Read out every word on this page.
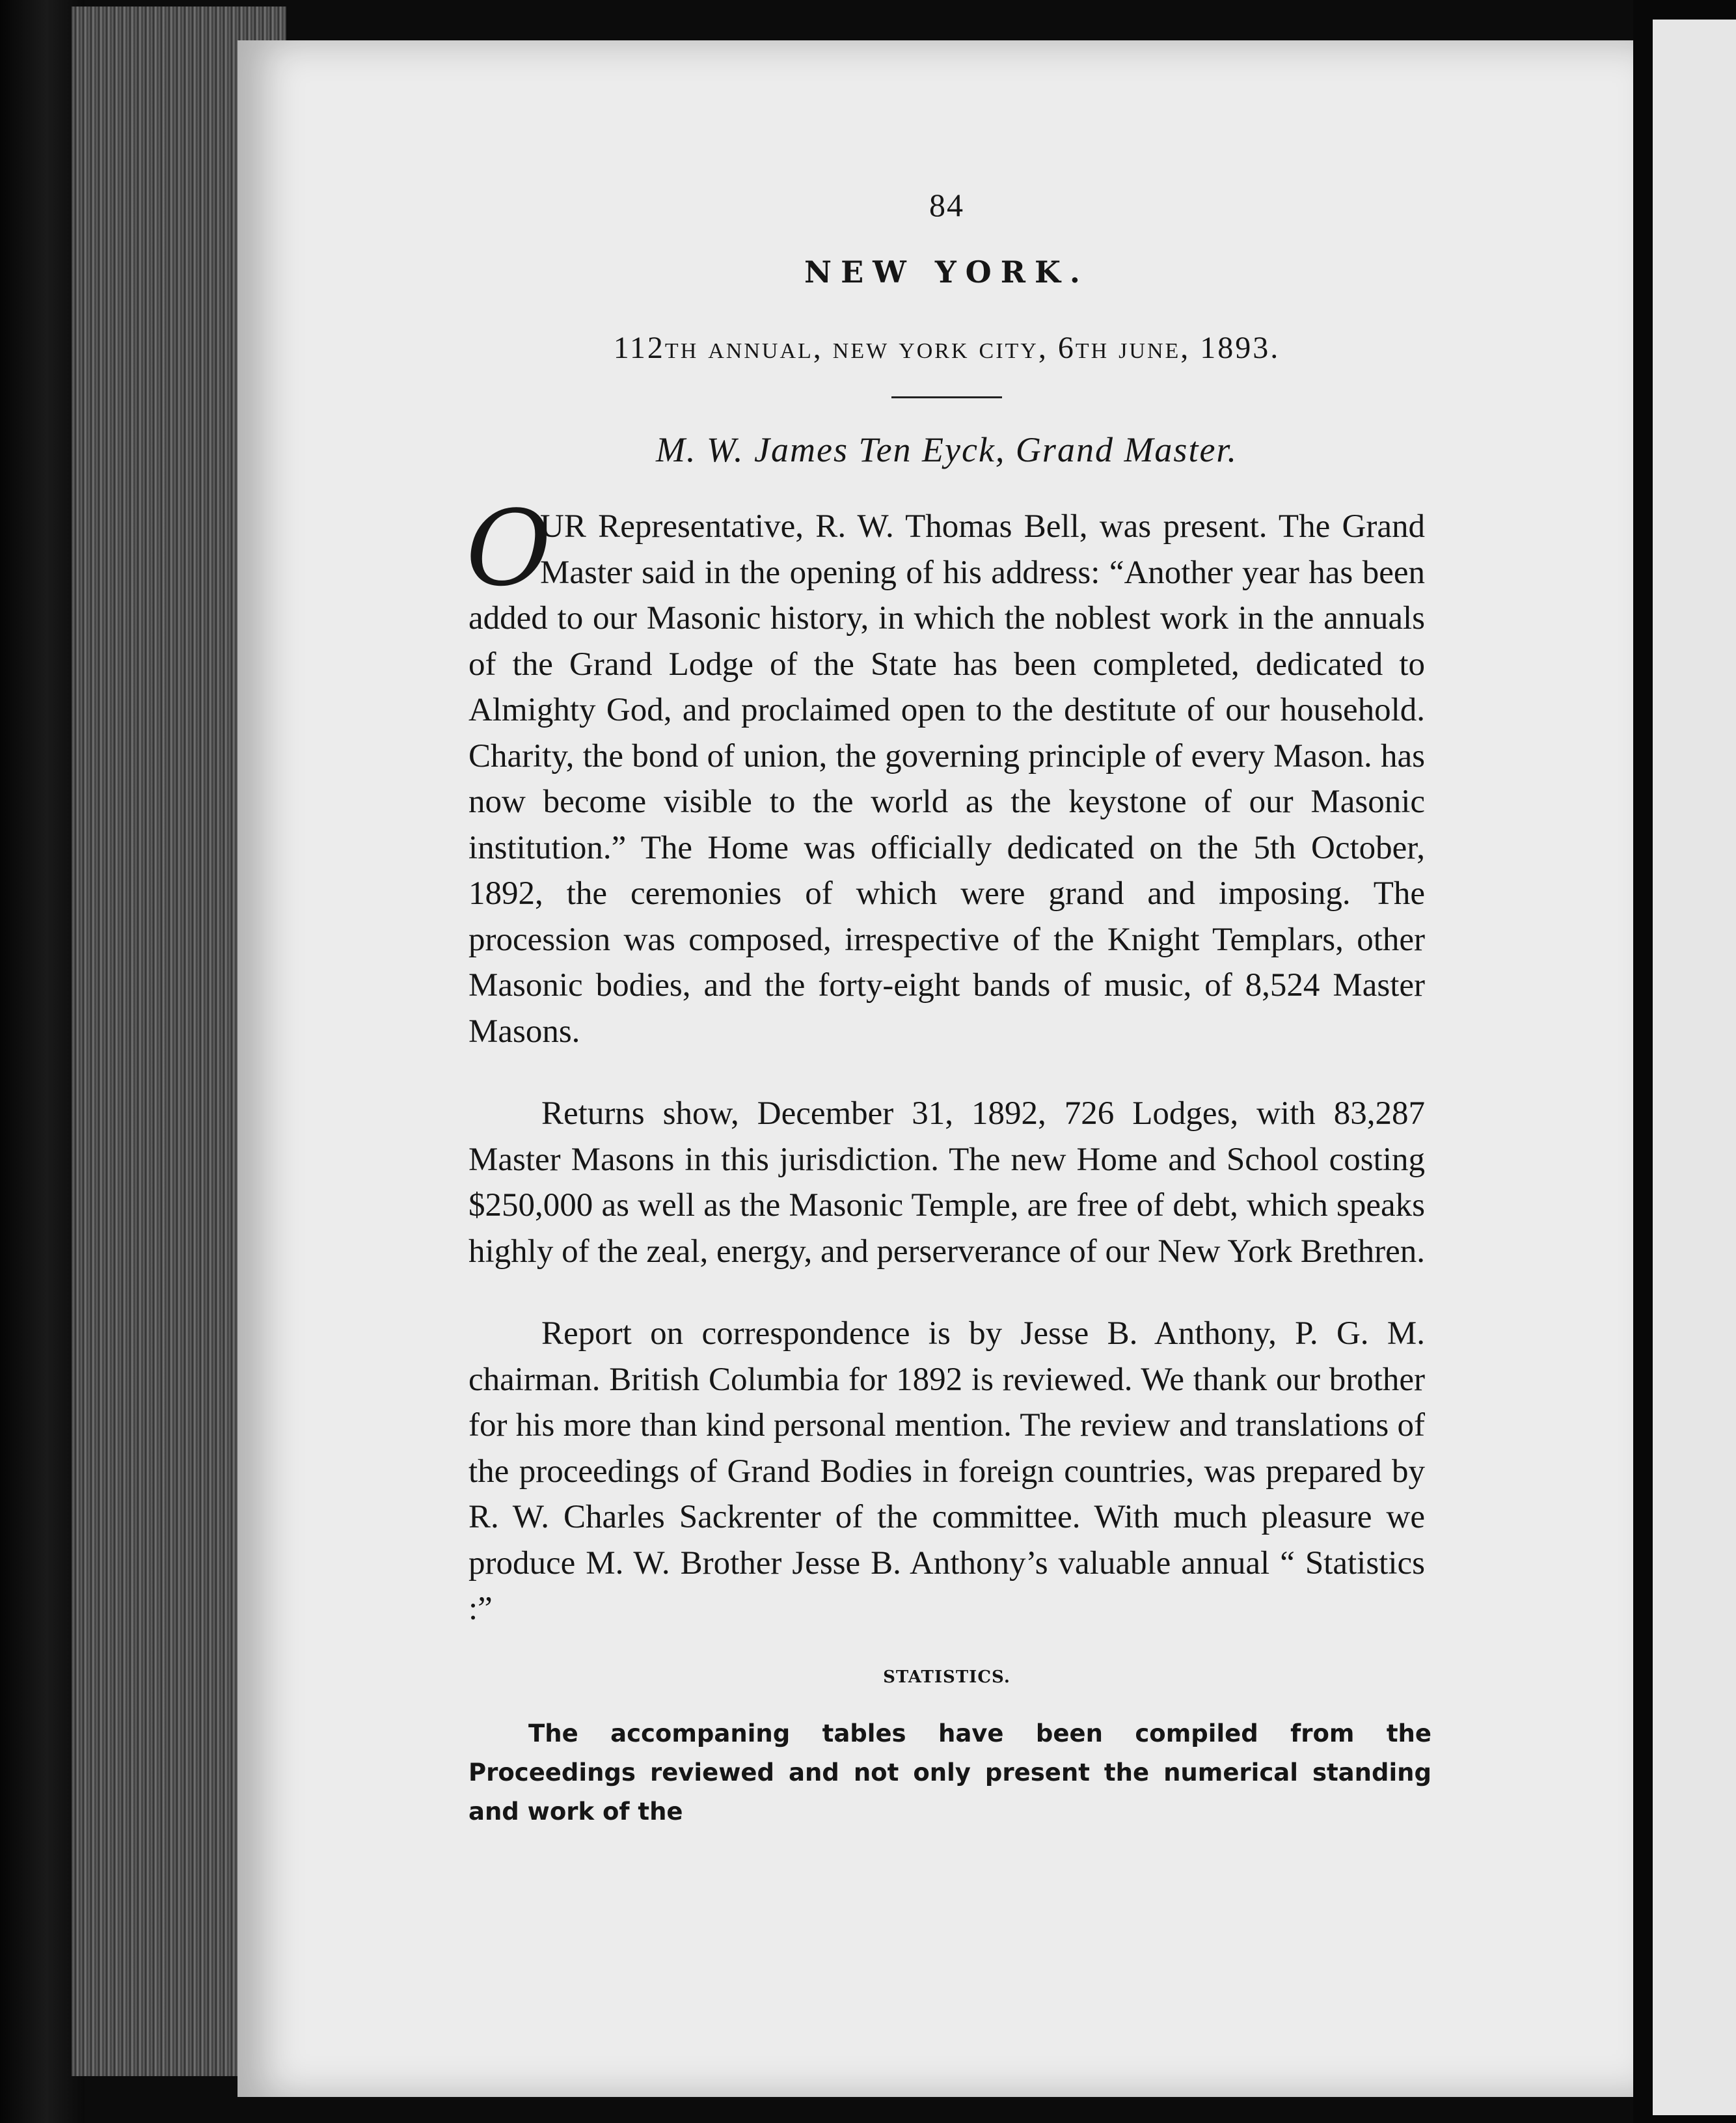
84
NEW YORK.
112th annual, new york city, 6th june, 1893.
M. W. James Ten Eyck, Grand Master.

O
UR Representative, R. W. Thomas Bell, was present. The Grand Master said in the opening of his address: “Another year has been added to our Masonic history, in which the noblest work in the annuals of the Grand Lodge of the State has been completed, dedicated to Almighty God, and proclaimed open to the destitute of our household. Charity, the bond of union, the governing principle of every Mason. has now become visible to the world as the keystone of our Masonic institution.” The Home was officially dedicated on the 5th October, 1892, the ceremonies of which were grand and imposing. The procession was composed, irrespective of the Knight Templars, other Masonic bodies, and the forty-eight bands of music, of 8,524 Master Masons.

Returns show, December 31, 1892, 726 Lodges, with 83,287 Master Masons in this jurisdiction. The new Home and School costing $250,000 as well as the Masonic Temple, are free of debt, which speaks highly of the zeal, energy, and perserverance of our New York Brethren.

Report on correspondence is by Jesse B. Anthony, P. G. M. chairman. British Columbia for 1892 is reviewed. We thank our brother for his more than kind personal mention. The review and translations of the proceedings of Grand Bodies in foreign countries, was prepared by R. W. Charles Sackrenter of the committee. With much pleasure we produce M. W. Brother Jesse B. Anthony’s valuable annual “ Statistics :”

STATISTICS.

The accompaning tables have been compiled from the Proceedings reviewed and not only present the numerical standing and work of the
